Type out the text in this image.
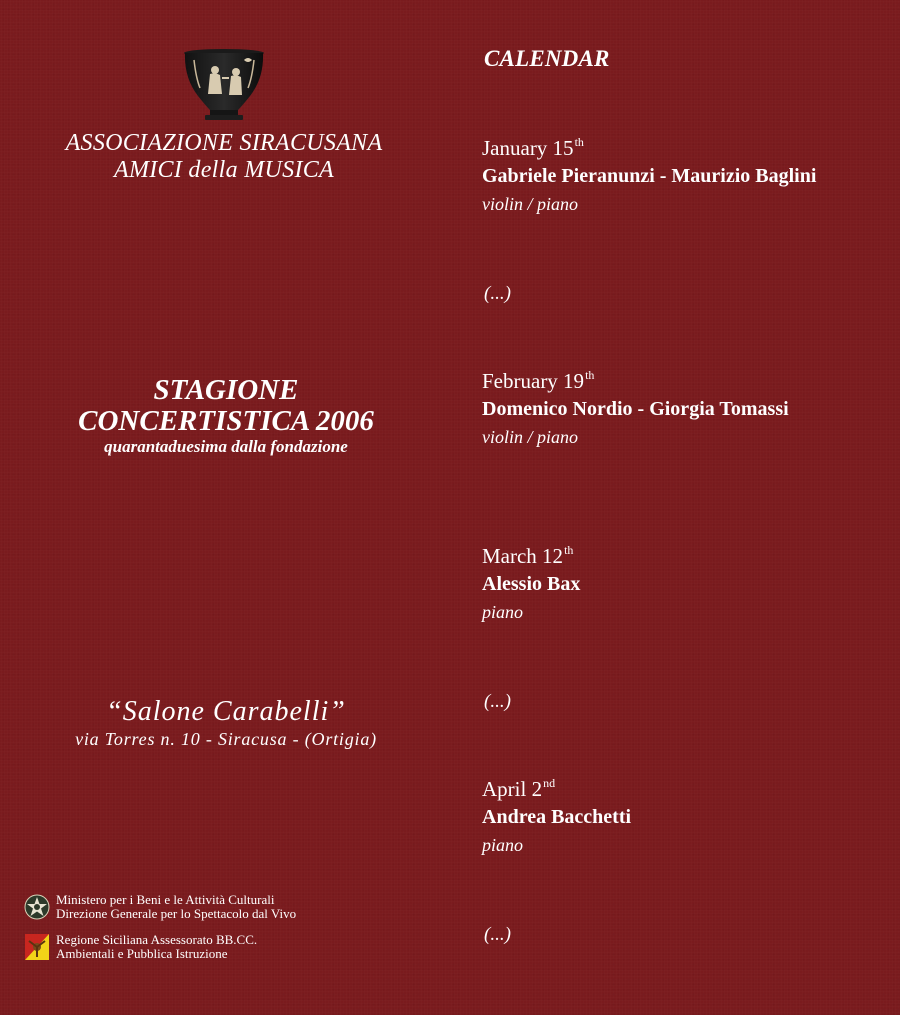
ASSOCIAZIONE SIRACUSANA
AMICI della MUSICA
STAGIONE
CONCERTISTICA 2006
quarantaduesima dalla fondazione
“Salone Carabelli”
via Torres n. 10 - Siracusa - (Ortigia)
Ministero per i Beni e le Attività Culturali
Direzione Generale per lo Spettacolo dal Vivo
Regione Siciliana Assessorato BB.CC.
Ambientali e Pubblica Istruzione
CALENDAR
January 15th
Gabriele Pieranunzi - Maurizio Baglini
violin / piano
(...)
February 19th
Domenico Nordio - Giorgia Tomassi
violin / piano
March 12th
Alessio Bax
piano
(...)
April 2nd
Andrea Bacchetti
piano
(...)
